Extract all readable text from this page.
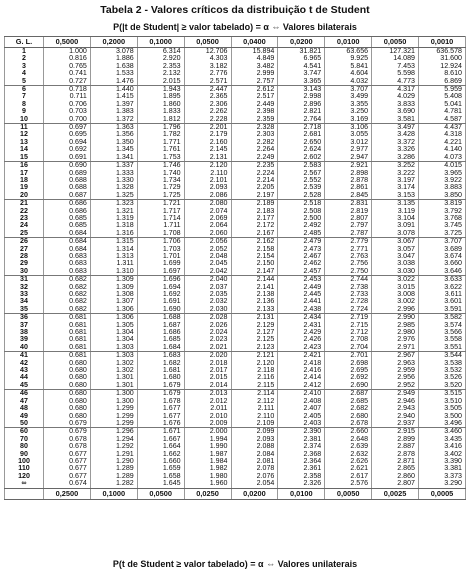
Tabela 2 - Valores críticos da distribuição t de Student
P(|t de Student| ≥ valor tabelado) = α ⇔ Valores bilaterais
G. L.	0,5000	0,2000	0,1000	0,0500	0,0400	0,0200	0,0100	0,0050	0,0010
1	1.000	3.078	6.314	12.706	15.894	31.821	63.656	127.321	636.578
2	0.816	1.886	2.920	4.303	4.849	6.965	9.925	14.089	31.600
3	0.765	1.638	2.353	3.182	3.482	4.541	5.841	7.453	12.924
4	0.741	1.533	2.132	2.776	2.999	3.747	4.604	5.598	8.610
5	0.727	1.476	2.015	2.571	2.757	3.365	4.032	4.773	6.869
6	0.718	1.440	1.943	2.447	2.612	3.143	3.707	4.317	5.959
7	0.711	1.415	1.895	2.365	2.517	2.998	3.499	4.029	5.408
8	0.706	1.397	1.860	2.306	2.449	2.896	3.355	3.833	5.041
9	0.703	1.383	1.833	2.262	2.398	2.821	3.250	3.690	4.781
10	0.700	1.372	1.812	2.228	2.359	2.764	3.169	3.581	4.587
11	0.697	1.363	1.796	2.201	2.328	2.718	3.106	3.497	4.437
12	0.695	1.356	1.782	2.179	2.303	2.681	3.055	3.428	4.318
13	0.694	1.350	1.771	2.160	2.282	2.650	3.012	3.372	4.221
14	0.692	1.345	1.761	2.145	2.264	2.624	2.977	3.326	4.140
15	0.691	1.341	1.753	2.131	2.249	2.602	2.947	3.286	4.073
16	0.690	1.337	1.746	2.120	2.235	2.583	2.921	3.252	4.015
17	0.689	1.333	1.740	2.110	2.224	2.567	2.898	3.222	3.965
18	0.688	1.330	1.734	2.101	2.214	2.552	2.878	3.197	3.922
19	0.688	1.328	1.729	2.093	2.205	2.539	2.861	3.174	3.883
20	0.687	1.325	1.725	2.086	2.197	2.528	2.845	3.153	3.850
21	0.686	1.323	1.721	2.080	2.189	2.518	2.831	3.135	3.819
22	0.686	1.321	1.717	2.074	2.183	2.508	2.819	3.119	3.792
23	0.685	1.319	1.714	2.069	2.177	2.500	2.807	3.104	3.768
24	0.685	1.318	1.711	2.064	2.172	2.492	2.797	3.091	3.745
25	0.684	1.316	1.708	2.060	2.167	2.485	2.787	3.078	3.725
26	0.684	1.315	1.706	2.056	2.162	2.479	2.779	3.067	3.707
27	0.684	1.314	1.703	2.052	2.158	2.473	2.771	3.057	3.689
28	0.683	1.313	1.701	2.048	2.154	2.467	2.763	3.047	3.674
29	0.683	1.311	1.699	2.045	2.150	2.462	2.756	3.038	3.660
30	0.683	1.310	1.697	2.042	2.147	2.457	2.750	3.030	3.646
31	0.682	1.309	1.696	2.040	2.144	2.453	2.744	3.022	3.633
32	0.682	1.309	1.694	2.037	2.141	2.449	2.738	3.015	3.622
33	0.682	1.308	1.692	2.035	2.138	2.445	2.733	3.008	3.611
34	0.682	1.307	1.691	2.032	2.136	2.441	2.728	3.002	3.601
35	0.682	1.306	1.690	2.030	2.133	2.438	2.724	2.996	3.591
36	0.681	1.306	1.688	2.028	2.131	2.434	2.719	2.990	3.582
37	0.681	1.305	1.687	2.026	2.129	2.431	2.715	2.985	3.574
38	0.681	1.304	1.686	2.024	2.127	2.429	2.712	2.980	3.566
39	0.681	1.304	1.685	2.023	2.125	2.426	2.708	2.976	3.558
40	0.681	1.303	1.684	2.021	2.123	2.423	2.704	2.971	3.551
41	0.681	1.303	1.683	2.020	2.121	2.421	2.701	2.967	3.544
42	0.680	1.302	1.682	2.018	2.120	2.418	2.698	2.963	3.538
43	0.680	1.302	1.681	2.017	2.118	2.416	2.695	2.959	3.532
44	0.680	1.301	1.680	2.015	2.116	2.414	2.692	2.956	3.526
45	0.680	1.301	1.679	2.014	2.115	2.412	2.690	2.952	3.520
46	0.680	1.300	1.679	2.013	2.114	2.410	2.687	2.949	3.515
47	0.680	1.300	1.678	2.012	2.112	2.408	2.685	2.946	3.510
48	0.680	1.299	1.677	2.011	2.111	2.407	2.682	2.943	3.505
49	0.680	1.299	1.677	2.010	2.110	2.405	2.680	2.940	3.500
50	0.679	1.299	1.676	2.009	2.109	2.403	2.678	2.937	3.496
60	0.679	1.296	1.671	2.000	2.099	2.390	2.660	2.915	3.460
70	0.678	1.294	1.667	1.994	2.093	2.381	2.648	2.899	3.435
80	0.678	1.292	1.664	1.990	2.088	2.374	2.639	2.887	3.416
90	0.677	1.291	1.662	1.987	2.084	2.368	2.632	2.878	3.402
100	0.677	1.290	1.660	1.984	2.081	2.364	2.626	2.871	3.390
110	0.677	1.289	1.659	1.982	2.078	2.361	2.621	2.865	3.381
120	0.677	1.289	1.658	1.980	2.076	2.358	2.617	2.860	3.373
∞	0.674	1.282	1.645	1.960	2.054	2.326	2.576	2.807	3.290
	0,2500	0,1000	0,0500	0,0250	0,0200	0,0100	0,0050	0,0025	0,0005
P(t de Student ≥ valor tabelado) = α ⇔ Valores unilaterais
